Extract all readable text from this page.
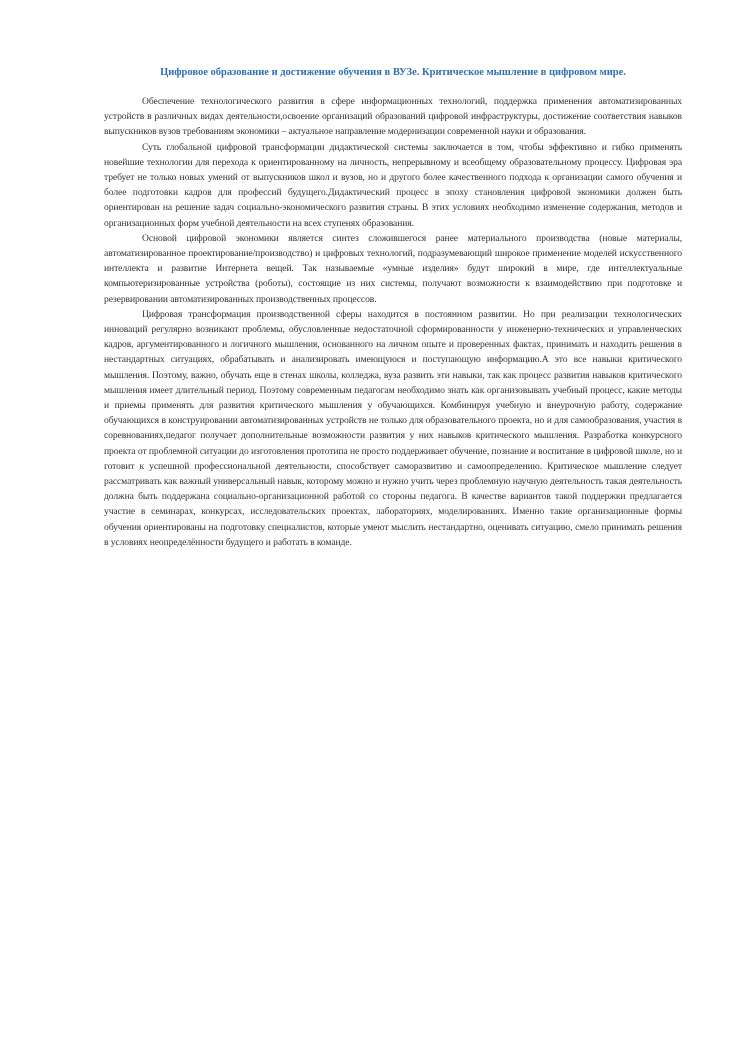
Цифровое образование и достижение обучения в ВУЗе. Критическое мышление в цифровом мире.

Обеспечение технологического развития в сфере информационных технологий, поддержка применения автоматизированных устройств в различных видах деятельности,освоение организаций образований цифровой инфраструктуры, достижение соответствия навыков выпускников вузов требованиям экономики – актуальное направление модернизации современной науки и образования.

Суть глобальной цифровой трансформации дидактической системы заключается в том, чтобы эффективно и гибко применять новейшие технологии для перехода к ориентированному на личность, непрерывному и всеобщему образовательному процессу. Цифровая эра требует не только новых умений от выпускников школ и вузов, но и другого более качественного подхода к организации самого обучения и более подготовки кадров для профессий будущего.Дидактический процесс в эпоху становления цифровой экономики должен быть ориентирован на решение задач социально-экономического развития страны. В этих условиях необходимо изменение содержания, методов и организационных форм учебной деятельности на всех ступенях образования.

Основой цифровой экономики является синтез сложившегося ранее материального производства (новые материалы, автоматизированное проектирование/производство) и цифровых технологий, подразумевающий широкое применение моделей искусственного интеллекта и развитие Интернета вещей. Так называемые «умные изделия» будут широкий в мире, где интеллектуальные компьютеризированные устройства (роботы), состоящие из них системы, получают возможности к взаимодействию при подготовке и резервировании автоматизированных производственных процессов.

Цифровая трансформация производственной сферы находится в постоянном развитии. Но при реализации технологических инноваций регулярно возникают проблемы, обусловленные недостаточной сформированности у инженерно-технических и управленческих кадров, аргументированного и логичного мышления, основанного на личном опыте и проверенных фактах, принимать и находить решения в нестандартных ситуациях, обрабатывать и анализировать имеющуюся и поступающую информацию.А это все навыки критического мышления. Поэтому, важно, обучать еще в стенах школы, колледжа, вуза развить эти навыки, так как процесс развития навыков критического мышления имеет длительный период. Поэтому современным педагогам необходимо знать как организовывать учебный процесс, какие методы и приемы применять для развития критического мышления у обучающихся. Комбинируя учебную и внеурочную работу, содержание обучающихся в конструировании автоматизированных устройств не только для образовательного проекта, но и для самообразования, участия в соревнованиях,педагог получает дополнительные возможности развития у них навыков критического мышления. Разработка конкурсного проекта от проблемной ситуации до изготовления прототипа не просто поддерживает обучение, познание и воспитание в цифровой школе, но и готовит к успешной профессиональной деятельности, способствует саморазвитию и самоопределению. Критическое мышление следует рассматривать как важный универсальный навык, которому можно и нужно учить через проблемную научную деятельность такая деятельность должна быть поддержана социально-организационной работой со стороны педагога. В качестве вариантов такой поддержки предлагается участие в семинарах, конкурсах, исследовательских проектах, лабораториях, моделированиях. Именно такие организационные формы обучения ориентированы на подготовку специалистов, которые умеют мыслить нестандартно, оценивать ситуацию, смело принимать решения в условиях неопределённости будущего и работать в команде.
